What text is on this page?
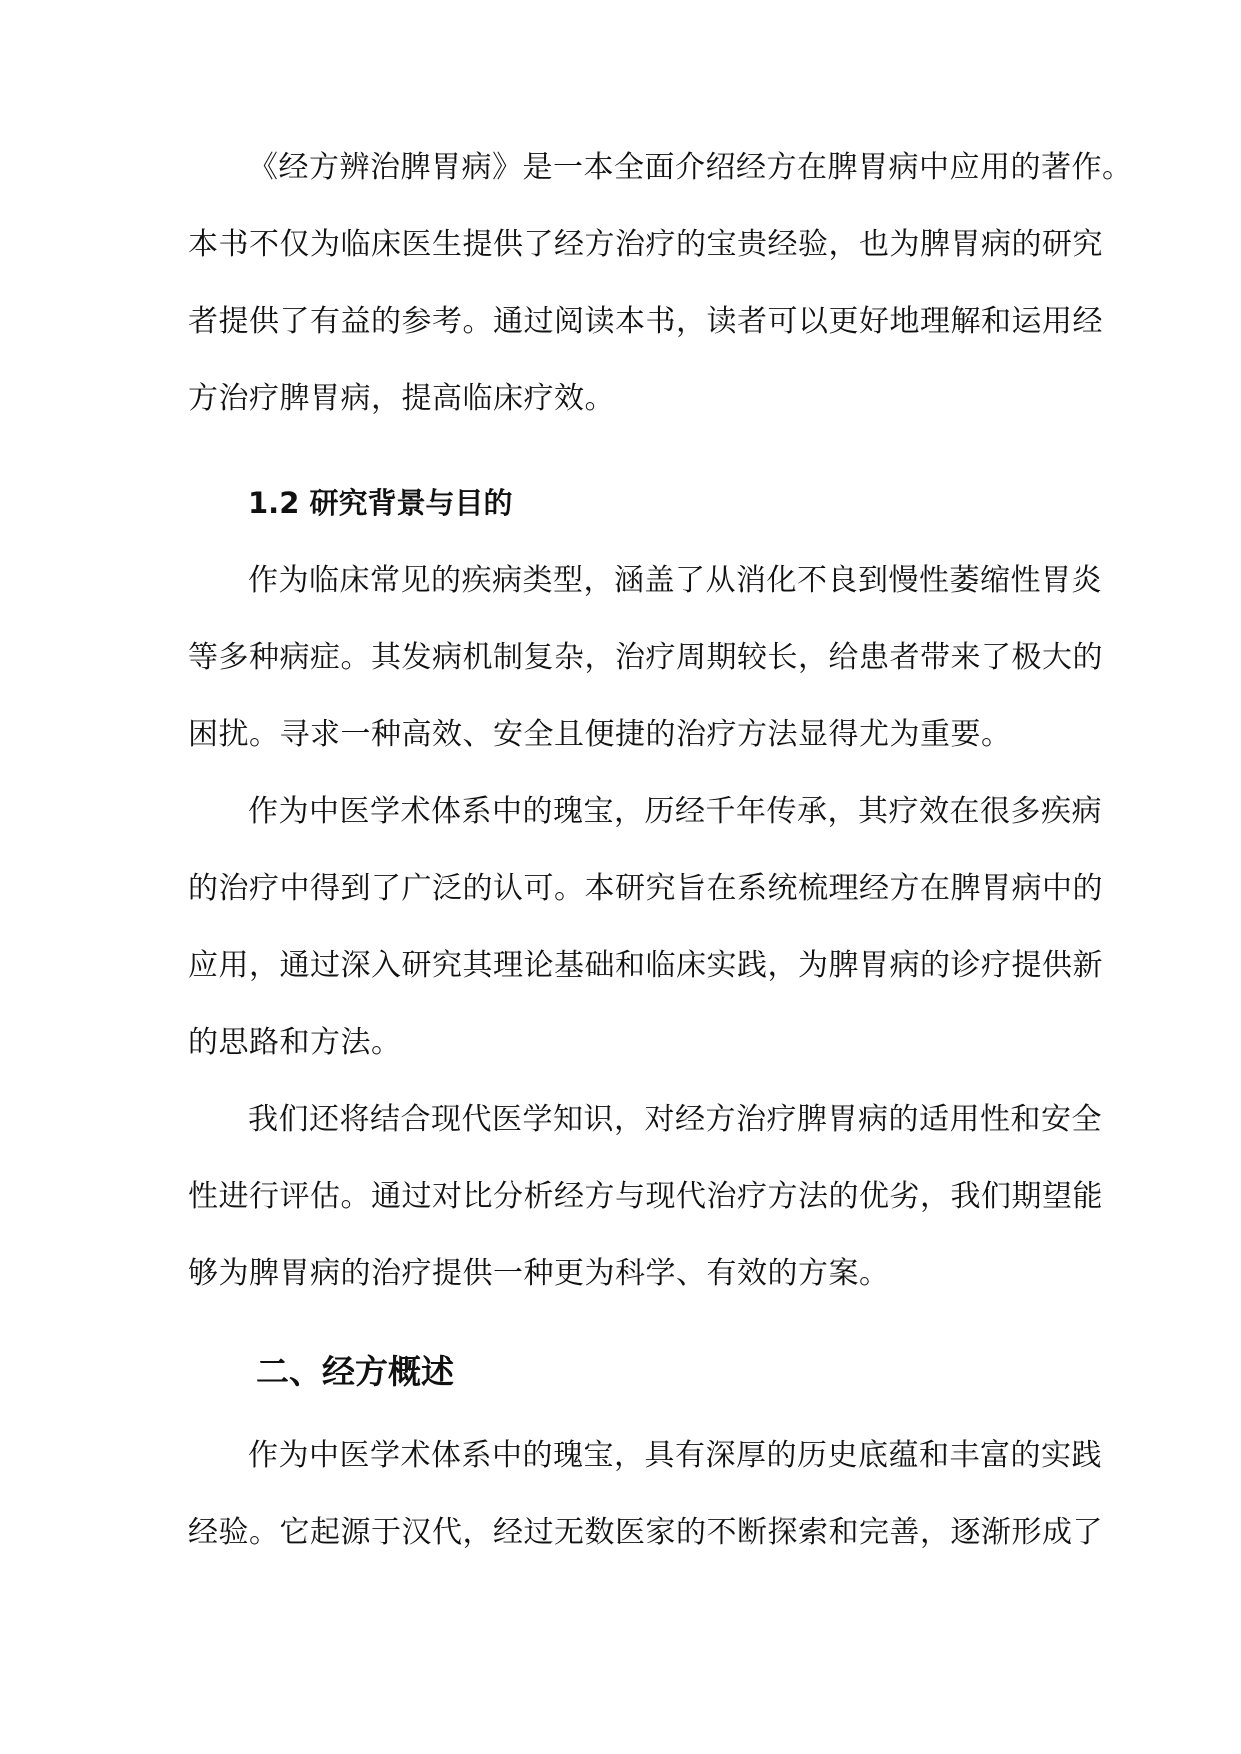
《经方辨治脾胃病》是一本全面介绍经方在脾胃病中应用的著作。
本书不仅为临床医生提供了经方治疗的宝贵经验，也为脾胃病的研究
者提供了有益的参考。通过阅读本书，读者可以更好地理解和运用经
方治疗脾胃病，提高临床疗效。
1.2 研究背景与目的
作为临床常见的疾病类型，涵盖了从消化不良到慢性萎缩性胃炎
等多种病症。其发病机制复杂，治疗周期较长，给患者带来了极大的
困扰。寻求一种高效、安全且便捷的治疗方法显得尤为重要。
作为中医学术体系中的瑰宝，历经千年传承，其疗效在很多疾病
的治疗中得到了广泛的认可。本研究旨在系统梳理经方在脾胃病中的
应用，通过深入研究其理论基础和临床实践，为脾胃病的诊疗提供新
的思路和方法。
我们还将结合现代医学知识，对经方治疗脾胃病的适用性和安全
性进行评估。通过对比分析经方与现代治疗方法的优劣，我们期望能
够为脾胃病的治疗提供一种更为科学、有效的方案。
二、经方概述
作为中医学术体系中的瑰宝，具有深厚的历史底蕴和丰富的实践
经验。它起源于汉代，经过无数医家的不断探索和完善，逐渐形成了
